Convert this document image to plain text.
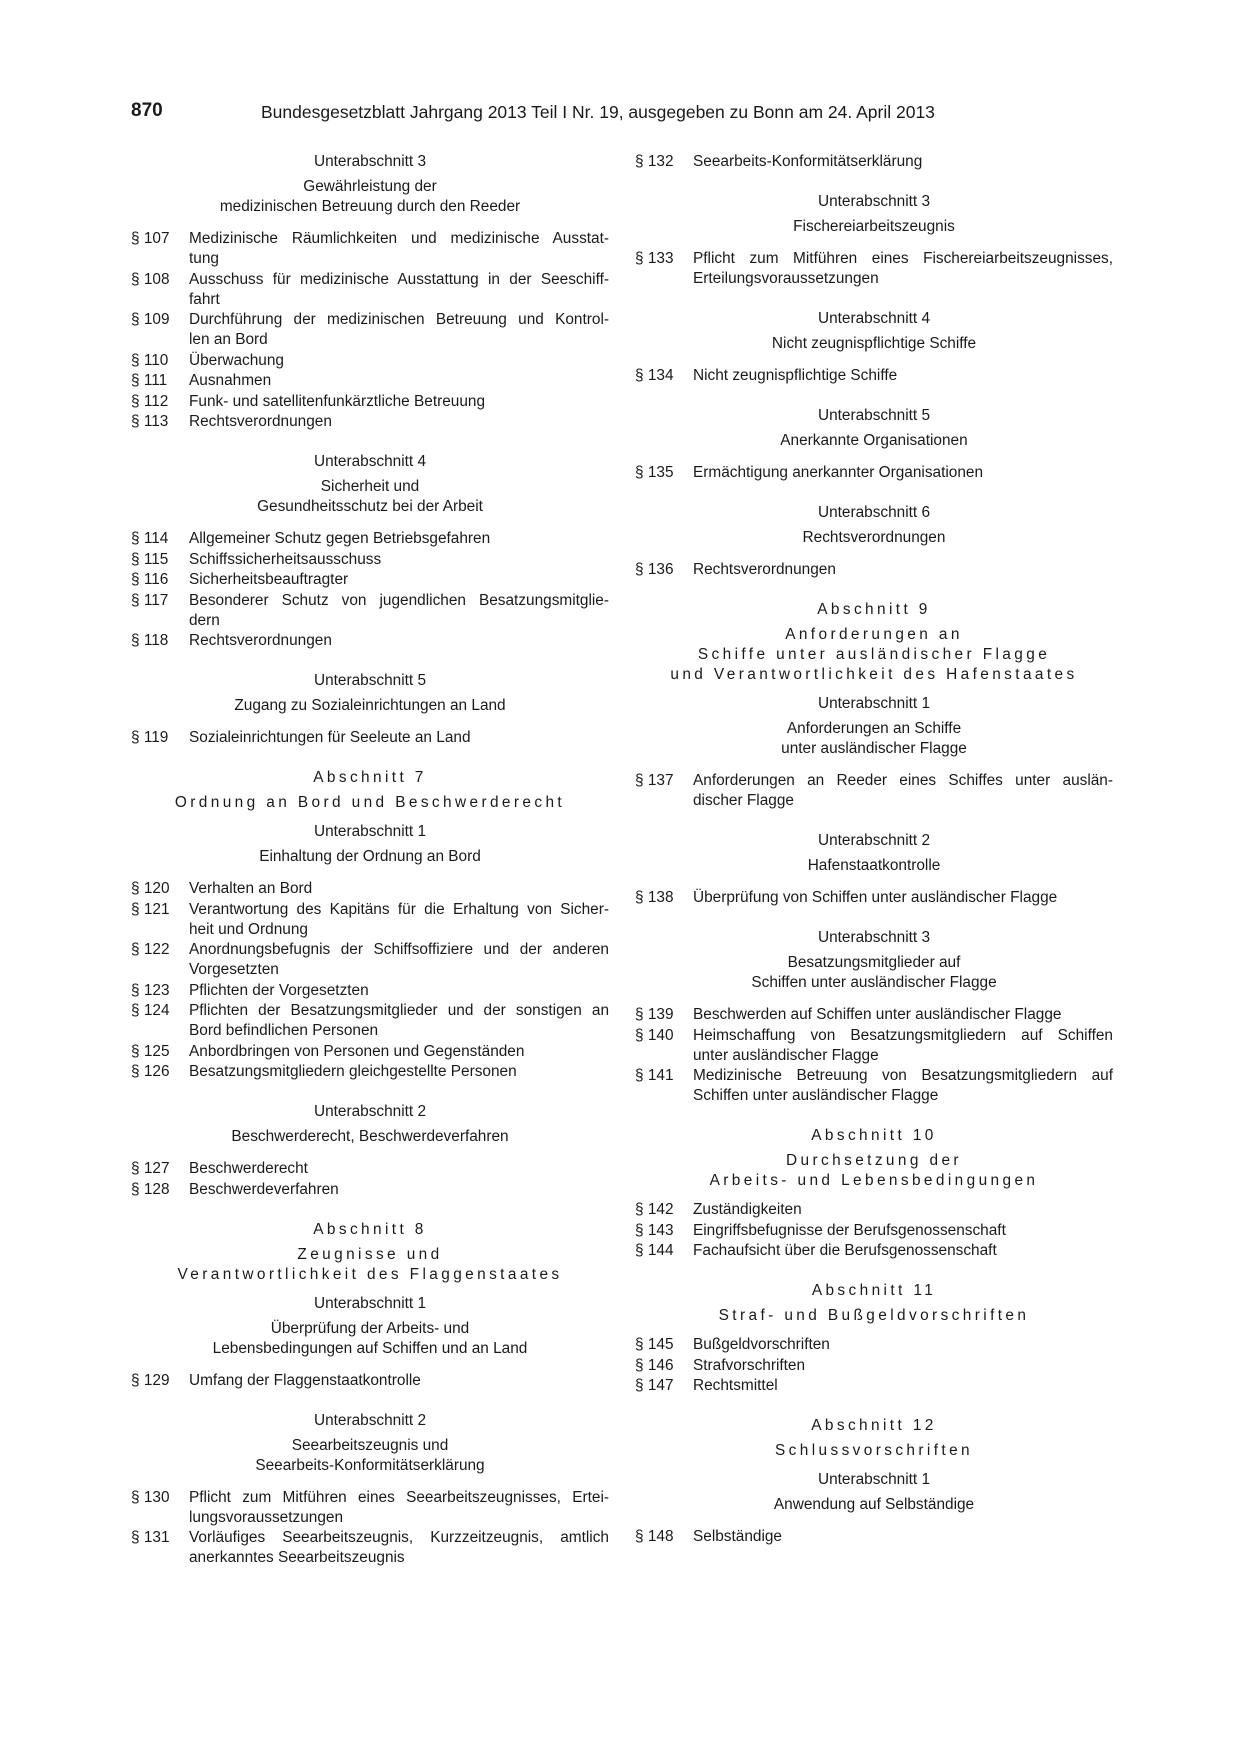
870	Bundesgesetzblatt Jahrgang 2013 Teil I Nr. 19, ausgegeben zu Bonn am 24. April 2013
Unterabschnitt 3
Gewährleistung der
medizinischen Betreuung durch den Reeder
§ 107	Medizinische Räumlichkeiten und medizinische Ausstat-
tung
§ 108	Ausschuss für medizinische Ausstattung in der Seeschiff-
fahrt
§ 109	Durchführung der medizinischen Betreuung und Kontrol-
len an Bord
§ 110	Überwachung
§ 111	Ausnahmen
§ 112	Funk- und satellitenfunkärztliche Betreuung
§ 113	Rechtsverordnungen
Unterabschnitt 4
Sicherheit und
Gesundheitsschutz bei der Arbeit
§ 114	Allgemeiner Schutz gegen Betriebsgefahren
§ 115	Schiffssicherheitsausschuss
§ 116	Sicherheitsbeauftragter
§ 117	Besonderer Schutz von jugendlichen Besatzungsmitglie-
dern
§ 118	Rechtsverordnungen
Unterabschnitt 5
Zugang zu Sozialeinrichtungen an Land
§ 119	Sozialeinrichtungen für Seeleute an Land
Abschnitt 7
Ordnung an Bord und Beschwerderecht
Unterabschnitt 1
Einhaltung der Ordnung an Bord
§ 120	Verhalten an Bord
§ 121	Verantwortung des Kapitäns für die Erhaltung von Sicher-
heit und Ordnung
§ 122	Anordnungsbefugnis der Schiffsoffiziere und der anderen
Vorgesetzten
§ 123	Pflichten der Vorgesetzten
§ 124	Pflichten der Besatzungsmitglieder und der sonstigen an
Bord befindlichen Personen
§ 125	Anbordbringen von Personen und Gegenständen
§ 126	Besatzungsmitgliedern gleichgestellte Personen
Unterabschnitt 2
Beschwerderecht, Beschwerdeverfahren
§ 127	Beschwerderecht
§ 128	Beschwerdeverfahren
Abschnitt 8
Zeugnisse und
Verantwortlichkeit des Flaggenstaates
Unterabschnitt 1
Überprüfung der Arbeits- und
Lebensbedingungen auf Schiffen und an Land
§ 129	Umfang der Flaggenstaatkontrolle
Unterabschnitt 2
Seearbeitszeugnis und
Seearbeits-Konformitätserklärung
§ 130	Pflicht zum Mitführen eines Seearbeitszeugnisses, Ertei-
lungsvoraussetzungen
§ 131	Vorläufiges Seearbeitszeugnis, Kurzzeitzeugnis, amtlich
anerkanntes Seearbeitszeugnis
§ 132	Seearbeits-Konformitätserklärung
Unterabschnitt 3
Fischereiarbeitszeugnis
§ 133	Pflicht zum Mitführen eines Fischereiarbeitszeugnisses,
Erteilungsvoraussetzungen
Unterabschnitt 4
Nicht zeugnispflichtige Schiffe
§ 134	Nicht zeugnispflichtige Schiffe
Unterabschnitt 5
Anerkannte Organisationen
§ 135	Ermächtigung anerkannter Organisationen
Unterabschnitt 6
Rechtsverordnungen
§ 136	Rechtsverordnungen
Abschnitt 9
Anforderungen an
Schiffe unter ausländischer Flagge
und Verantwortlichkeit des Hafenstaates
Unterabschnitt 1
Anforderungen an Schiffe
unter ausländischer Flagge
§ 137	Anforderungen an Reeder eines Schiffes unter auslän-
discher Flagge
Unterabschnitt 2
Hafenstaatkontrolle
§ 138	Überprüfung von Schiffen unter ausländischer Flagge
Unterabschnitt 3
Besatzungsmitglieder auf
Schiffen unter ausländischer Flagge
§ 139	Beschwerden auf Schiffen unter ausländischer Flagge
§ 140	Heimschaffung von Besatzungsmitgliedern auf Schiffen
unter ausländischer Flagge
§ 141	Medizinische Betreuung von Besatzungsmitgliedern auf
Schiffen unter ausländischer Flagge
Abschnitt 10
Durchsetzung der
Arbeits- und Lebensbedingungen
§ 142	Zuständigkeiten
§ 143	Eingriffsbefugnisse der Berufsgenossenschaft
§ 144	Fachaufsicht über die Berufsgenossenschaft
Abschnitt 11
Straf- und Bußgeldvorschriften
§ 145	Bußgeldvorschriften
§ 146	Strafvorschriften
§ 147	Rechtsmittel
Abschnitt 12
Schlussvorschriften
Unterabschnitt 1
Anwendung auf Selbständige
§ 148	Selbständige
